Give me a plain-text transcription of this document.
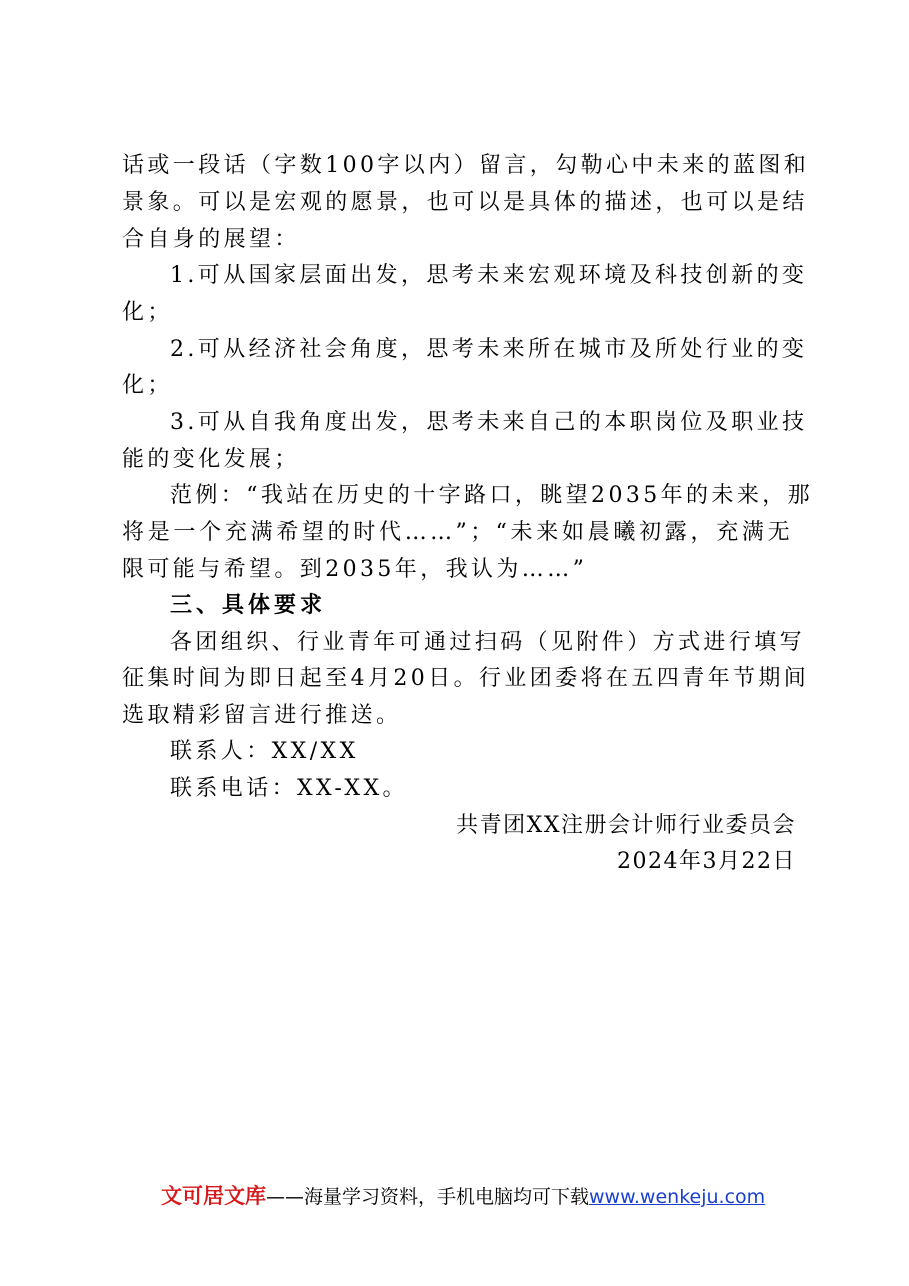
话或一段话（字数100字以内）留言，勾勒心中未来的蓝图和

景象。可以是宏观的愿景，也可以是具体的描述，也可以是结

合自身的展望：

1.可从国家层面出发，思考未来宏观环境及科技创新的变

化；

2.可从经济社会角度，思考未来所在城市及所处行业的变

化；

3.可从自我角度出发，思考未来自己的本职岗位及职业技

能的变化发展；

范例：“我站在历史的十字路口，眺望2035年的未来，那

将是一个充满希望的时代……”；“未来如晨曦初露，充满无

限可能与希望。到2035年，我认为……”

三、具体要求

各团组织、行业青年可通过扫码（见附件）方式进行填写

征集时间为即日起至4月20日。行业团委将在五四青年节期间

选取精彩留言进行推送。

联系人：XX/XX

联系电话：XX-XX。

共青团XX注册会计师行业委员会

2024年3月22日

文可居文库——海量学习资料，手机电脑均可下载www.wenkeju.com
